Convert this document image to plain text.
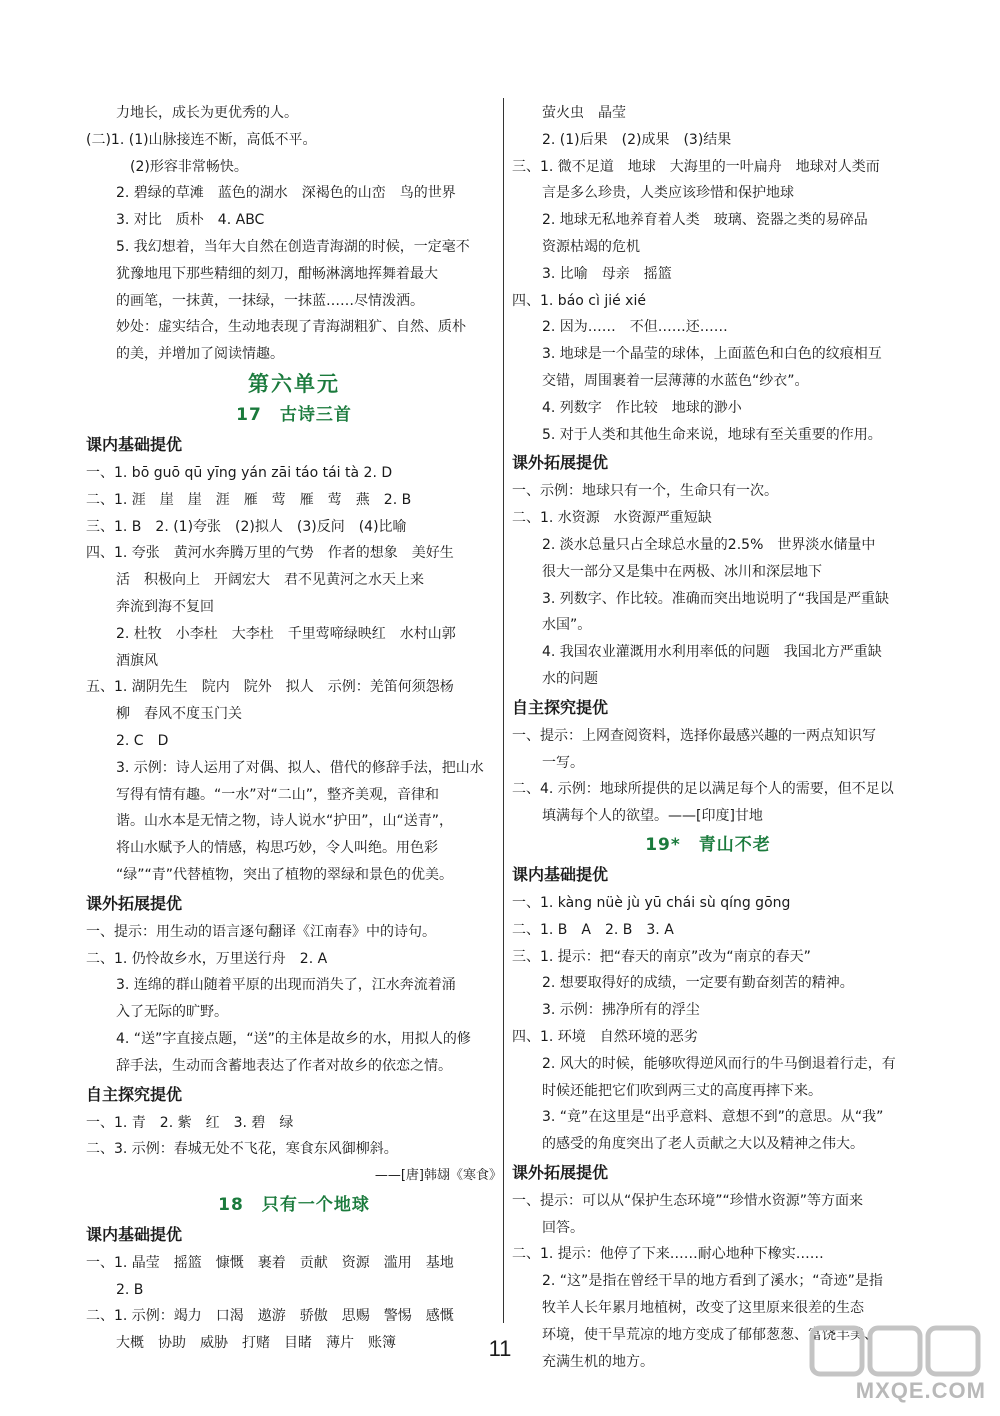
力地长，成长为更优秀的人。
(二)1. (1)山脉接连不断，高低不平。
(2)形容非常畅快。
2. 碧绿的草滩　蓝色的湖水　深褐色的山峦　鸟的世界
3. 对比　质朴　4. ABC
5. 我幻想着，当年大自然在创造青海湖的时候，一定毫不
犹豫地甩下那些精细的刻刀，酣畅淋漓地挥舞着最大
的画笔，一抹黄，一抹绿，一抹蓝……尽情泼洒。
妙处：虚实结合，生动地表现了青海湖粗犷、自然、质朴
的美，并增加了阅读情趣。
第六单元
17　古诗三首
课内基础提优
一、1. bō guō qū yīng yán zāi táo tái tà 2. D
二、1. 涯　崖　崖　涯　雁　莺　雁　莺　燕　2. B
三、1. B　2. (1)夸张　(2)拟人　(3)反问　(4)比喻
四、1. 夸张　黄河水奔腾万里的气势　作者的想象　美好生
活　积极向上　开阔宏大　君不见黄河之水天上来
奔流到海不复回
2. 杜牧　小李杜　大李杜　千里莺啼绿映红　水村山郭
酒旗风
五、1. 湖阴先生　院内　院外　拟人　示例：羌笛何须怨杨
柳　春风不度玉门关
2. C　D
3. 示例：诗人运用了对偶、拟人、借代的修辞手法，把山水
写得有情有趣。“一水”对“二山”，整齐美观，音律和
谐。山水本是无情之物，诗人说水“护田”，山“送青”，
将山水赋予人的情感，构思巧妙，令人叫绝。用色彩
“绿”“青”代替植物，突出了植物的翠绿和景色的优美。
课外拓展提优
一、提示：用生动的语言逐句翻译《江南春》中的诗句。
二、1. 仍怜故乡水，万里送行舟　2. A
3. 连绵的群山随着平原的出现而消失了，江水奔流着涌
入了无际的旷野。
4. “送”字直接点题，“送”的主体是故乡的水，用拟人的修
辞手法，生动而含蓄地表达了作者对故乡的依恋之情。
自主探究提优
一、1. 青　2. 紫　红　3. 碧　绿
二、3. 示例：春城无处不飞花，寒食东风御柳斜。
——[唐]韩翃《寒食》
18　只有一个地球
课内基础提优
一、1. 晶莹　摇篮　慷慨　裹着　贡献　资源　滥用　基地
2. B
二、1. 示例：竭力　口渴　遨游　骄傲　思赐　警惕　感慨
大概　协助　威胁　打赌　目睹　薄片　账簿
萤火虫　晶莹
2. (1)后果　(2)成果　(3)结果
三、1. 微不足道　地球　大海里的一叶扁舟　地球对人类而
言是多么珍贵，人类应该珍惜和保护地球
2. 地球无私地养育着人类　玻璃、瓷器之类的易碎品
资源枯竭的危机
3. 比喻　母亲　摇篮
四、1. báo cì jié xié
2. 因为……　不但……还……
3. 地球是一个晶莹的球体，上面蓝色和白色的纹痕相互
交错，周围裹着一层薄薄的水蓝色“纱衣”。
4. 列数字　作比较　地球的渺小
5. 对于人类和其他生命来说，地球有至关重要的作用。
课外拓展提优
一、示例：地球只有一个，生命只有一次。
二、1. 水资源　水资源严重短缺
2. 淡水总量只占全球总水量的2.5%　世界淡水储量中
很大一部分又是集中在两极、冰川和深层地下
3. 列数字、作比较。准确而突出地说明了“我国是严重缺
水国”。
4. 我国农业灌溉用水利用率低的问题　我国北方严重缺
水的问题
自主探究提优
一、提示：上网查阅资料，选择你最感兴趣的一两点知识写
一写。
二、4. 示例：地球所提供的足以满足每个人的需要，但不足以
填满每个人的欲望。——[印度]甘地
19*　青山不老
课内基础提优
一、1. kàng nüè jù yū chái sù qíng gōng
二、1. B　A　2. B　3. A
三、1. 提示：把“春天的南京”改为“南京的春天”
2. 想要取得好的成绩，一定要有勤奋刻苦的精神。
3. 示例：拂净所有的浮尘
四、1. 环境　自然环境的恶劣
2. 风大的时候，能够吹得逆风而行的牛马倒退着行走，有
时候还能把它们吹到两三丈的高度再摔下来。
3. “竟”在这里是“出乎意料、意想不到”的意思。从“我”
的感受的角度突出了老人贡献之大以及精神之伟大。
课外拓展提优
一、提示：可以从“保护生态环境”“珍惜水资源”等方面来
回答。
二、1. 提示：他停了下来……耐心地种下橡实……
2. “这”是指在曾经干旱的地方看到了溪水；“奇迹”是指
牧羊人长年累月地植树，改变了这里原来很差的生态
环境，使干旱荒凉的地方变成了郁郁葱葱、富饶丰美、
充满生机的地方。
11
MXQE.COM
